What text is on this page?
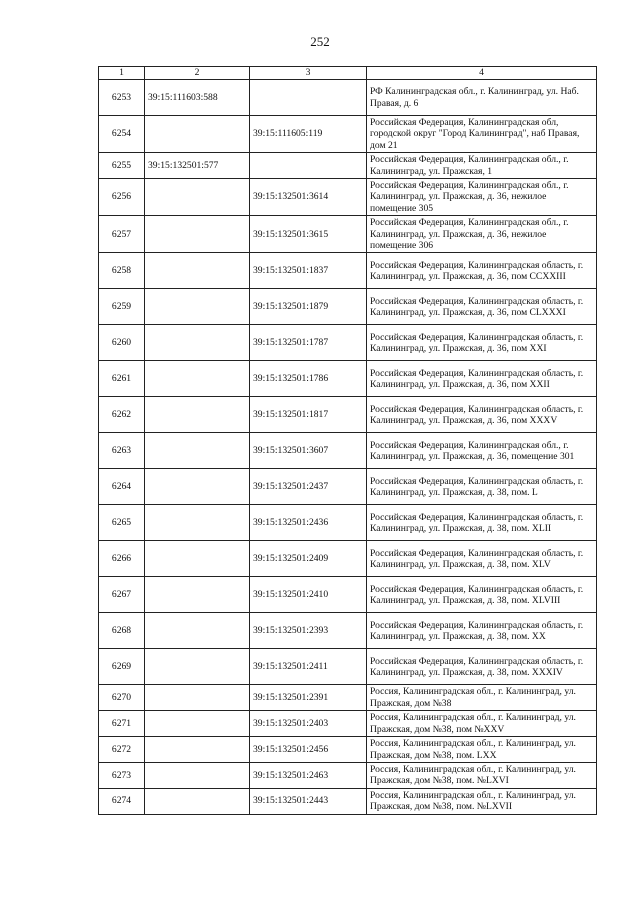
252
1	2	3	4
6253	39:15:111603:588		РФ Калининградская обл., г. Калининград, ул. Наб. Правая, д. 6
6254		39:15:111605:119	Российская Федерация, Калининградская обл, городской округ "Город Калининград", наб Правая, дом 21
6255	39:15:132501:577		Российская Федерация, Калининградская обл., г. Калининград, ул. Пражская, 1
6256		39:15:132501:3614	Российская Федерация, Калининградская обл., г. Калининград, ул. Пражская, д. 36, нежилое помещение 305
6257		39:15:132501:3615	Российская Федерация, Калининградская обл., г. Калининград, ул. Пражская, д. 36, нежилое помещение 306
6258		39:15:132501:1837	Российская Федерация, Калининградская область, г. Калининград, ул. Пражская, д. 36, пом CCXXIII
6259		39:15:132501:1879	Российская Федерация, Калининградская область, г. Калининград, ул. Пражская, д. 36, пом CLXXXI
6260		39:15:132501:1787	Российская Федерация, Калининградская область, г. Калининград, ул. Пражская, д. 36, пом XXI
6261		39:15:132501:1786	Российская Федерация, Калининградская область, г. Калининград, ул. Пражская, д. 36, пом XXII
6262		39:15:132501:1817	Российская Федерация, Калининградская область, г. Калининград, ул. Пражская, д. 36, пом XXXV
6263		39:15:132501:3607	Российская Федерация, Калининградская обл., г. Калининград, ул. Пражская, д. 36, помещение 301
6264		39:15:132501:2437	Российская Федерация, Калининградская область, г. Калининград, ул. Пражская, д. 38, пом. L
6265		39:15:132501:2436	Российская Федерация, Калининградская область, г. Калининград, ул. Пражская, д. 38, пом. XLII
6266		39:15:132501:2409	Российская Федерация, Калининградская область, г. Калининград, ул. Пражская, д. 38, пом. XLV
6267		39:15:132501:2410	Российская Федерация, Калининградская область, г. Калининград, ул. Пражская, д. 38, пом. XLVIII
6268		39:15:132501:2393	Российская Федерация, Калининградская область, г. Калининград, ул. Пражская, д. 38, пом. XX
6269		39:15:132501:2411	Российская Федерация, Калининградская область, г. Калининград, ул. Пражская, д. 38, пом. XXXIV
6270		39:15:132501:2391	Россия, Калининградская обл., г. Калининград, ул. Пражская, дом №38
6271		39:15:132501:2403	Россия, Калининградская обл., г. Калининград, ул. Пражская, дом №38, пом №XXV
6272		39:15:132501:2456	Россия, Калининградская обл., г. Калининград, ул. Пражская, дом №38, пом. LXX
6273		39:15:132501:2463	Россия, Калининградская обл., г. Калининград, ул. Пражская, дом №38, пом. №LXVI
6274		39:15:132501:2443	Россия, Калининградская обл., г. Калининград, ул. Пражская, дом №38, пом. №LXVII
